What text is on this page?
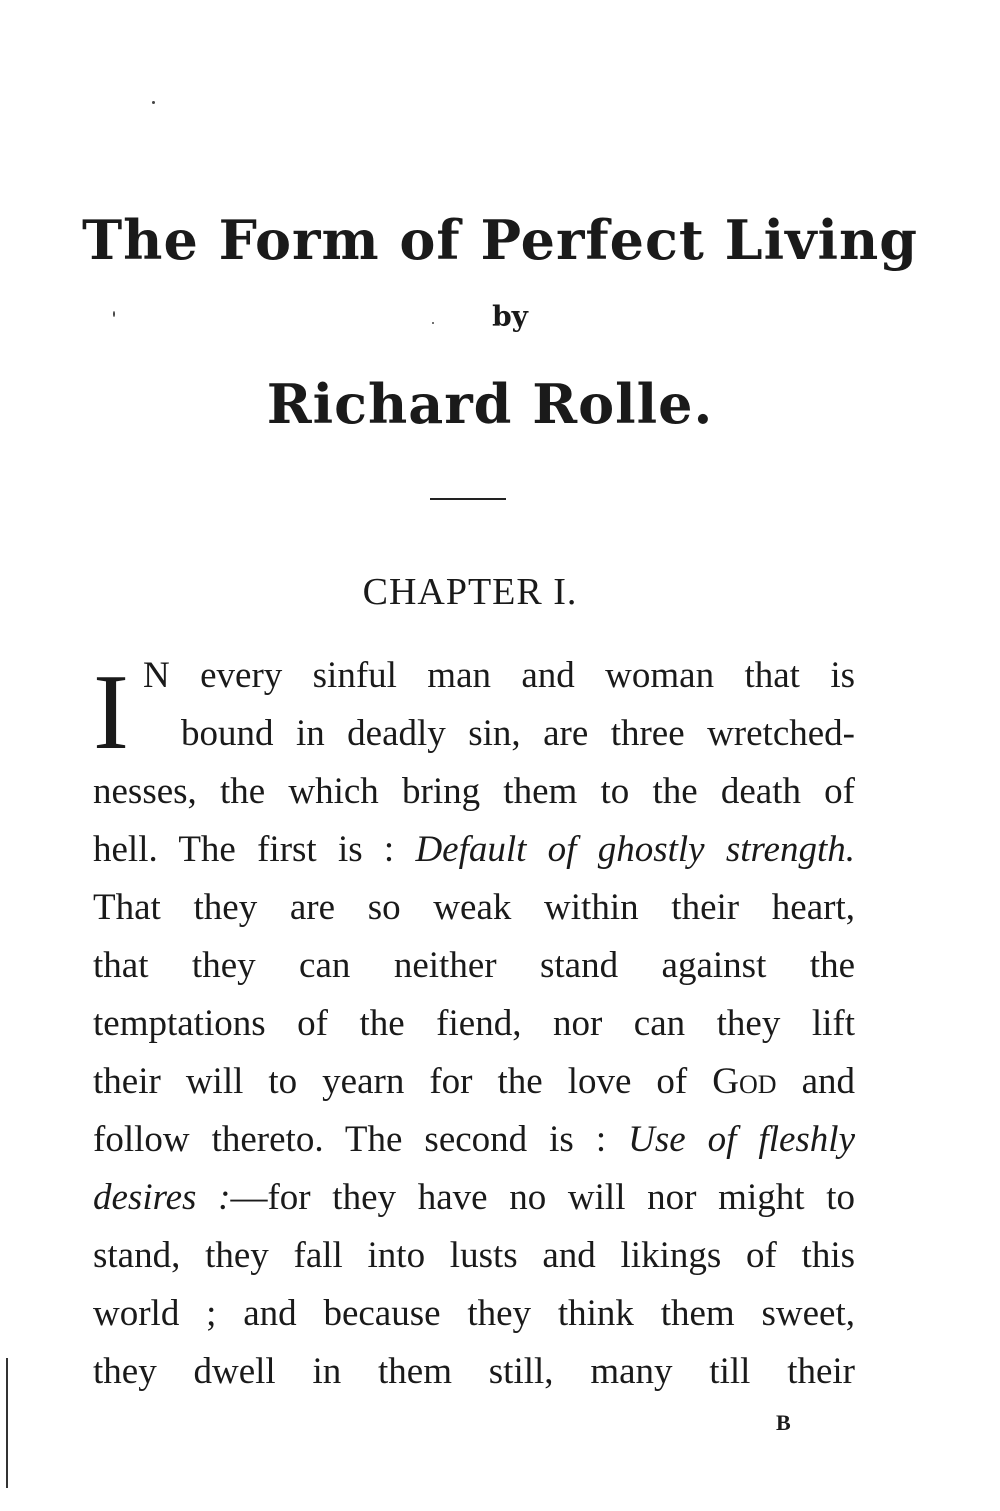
The Form of Perfect Living
by
Richard Rolle.
CHAPTER I.
I N every sinful man and woman that is
bound in deadly sin, are three wretched-
nesses, the which bring them to the death of
hell. The first is : Default of ghostly strength.
That they are so weak within their heart,
that they can neither stand against the
temptations of the fiend, nor can they lift
their will to yearn for the love of God and
follow thereto. The second is : Use of fleshly
desires :—for they have no will nor might to
stand, they fall into lusts and likings of this
world ; and because they think them sweet,
they dwell in them still, many till their
B
